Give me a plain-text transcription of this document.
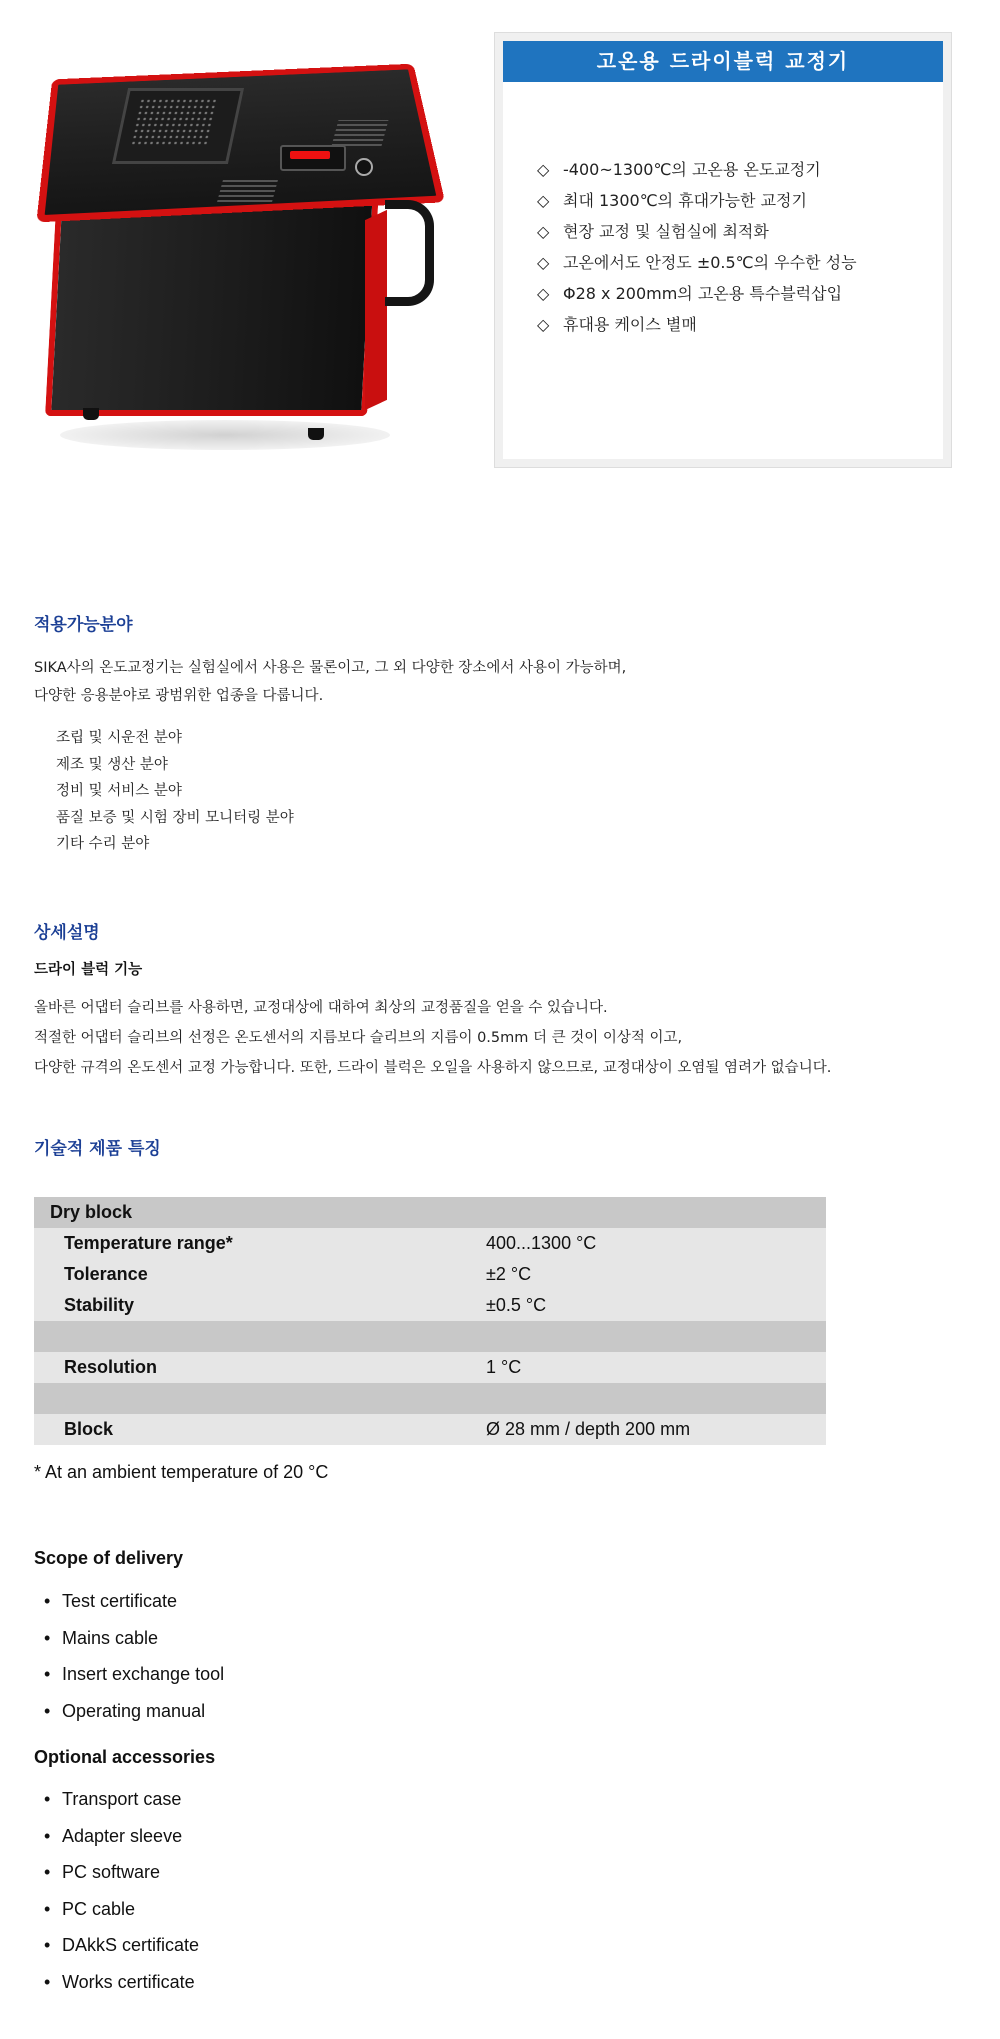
고온용 드라이블럭 교정기
◇ -400~1300℃의 고온용 온도교정기
◇ 최대 1300℃의 휴대가능한 교정기
◇ 현장 교정 및 실험실에 최적화
◇ 고온에서도 안정도 ±0.5℃의 우수한 성능
◇ Φ28 x 200mm의 고온용 특수블럭삽입
◇ 휴대용 케이스 별매
적용가능분야
SIKA사의 온도교정기는 실험실에서 사용은 물론이고, 그 외 다양한 장소에서 사용이 가능하며,
다양한 응용분야로 광범위한 업종을 다룹니다.
조립 및 시운전 분야
제조 및 생산 분야
정비 및 서비스 분야
품질 보증 및 시험 장비 모니터링 분야
기타 수리 분야
상세설명
드라이 블럭 기능
올바른 어댑터 슬리브를 사용하면, 교정대상에 대하여 최상의 교정품질을 얻을 수 있습니다.
적절한 어댑터 슬리브의 선정은 온도센서의 지름보다 슬리브의 지름이 0.5mm 더 큰 것이 이상적 이고,
다양한 규격의 온도센서 교정 가능합니다. 또한, 드라이 블럭은 오일을 사용하지 않으므로, 교정대상이 오염될 염려가 없습니다.
기술적 제품 특징
Dry block
Temperature range*	400...1300 °C
Tolerance	±2 °C
Stability	±0.5 °C
Resolution	1 °C
Block	Ø 28 mm / depth 200 mm
* At an ambient temperature of 20 °C
Scope of delivery
• Test certificate
• Mains cable
• Insert exchange tool
• Operating manual
Optional accessories
• Transport case
• Adapter sleeve
• PC software
• PC cable
• DAkkS certificate
• Works certificate
